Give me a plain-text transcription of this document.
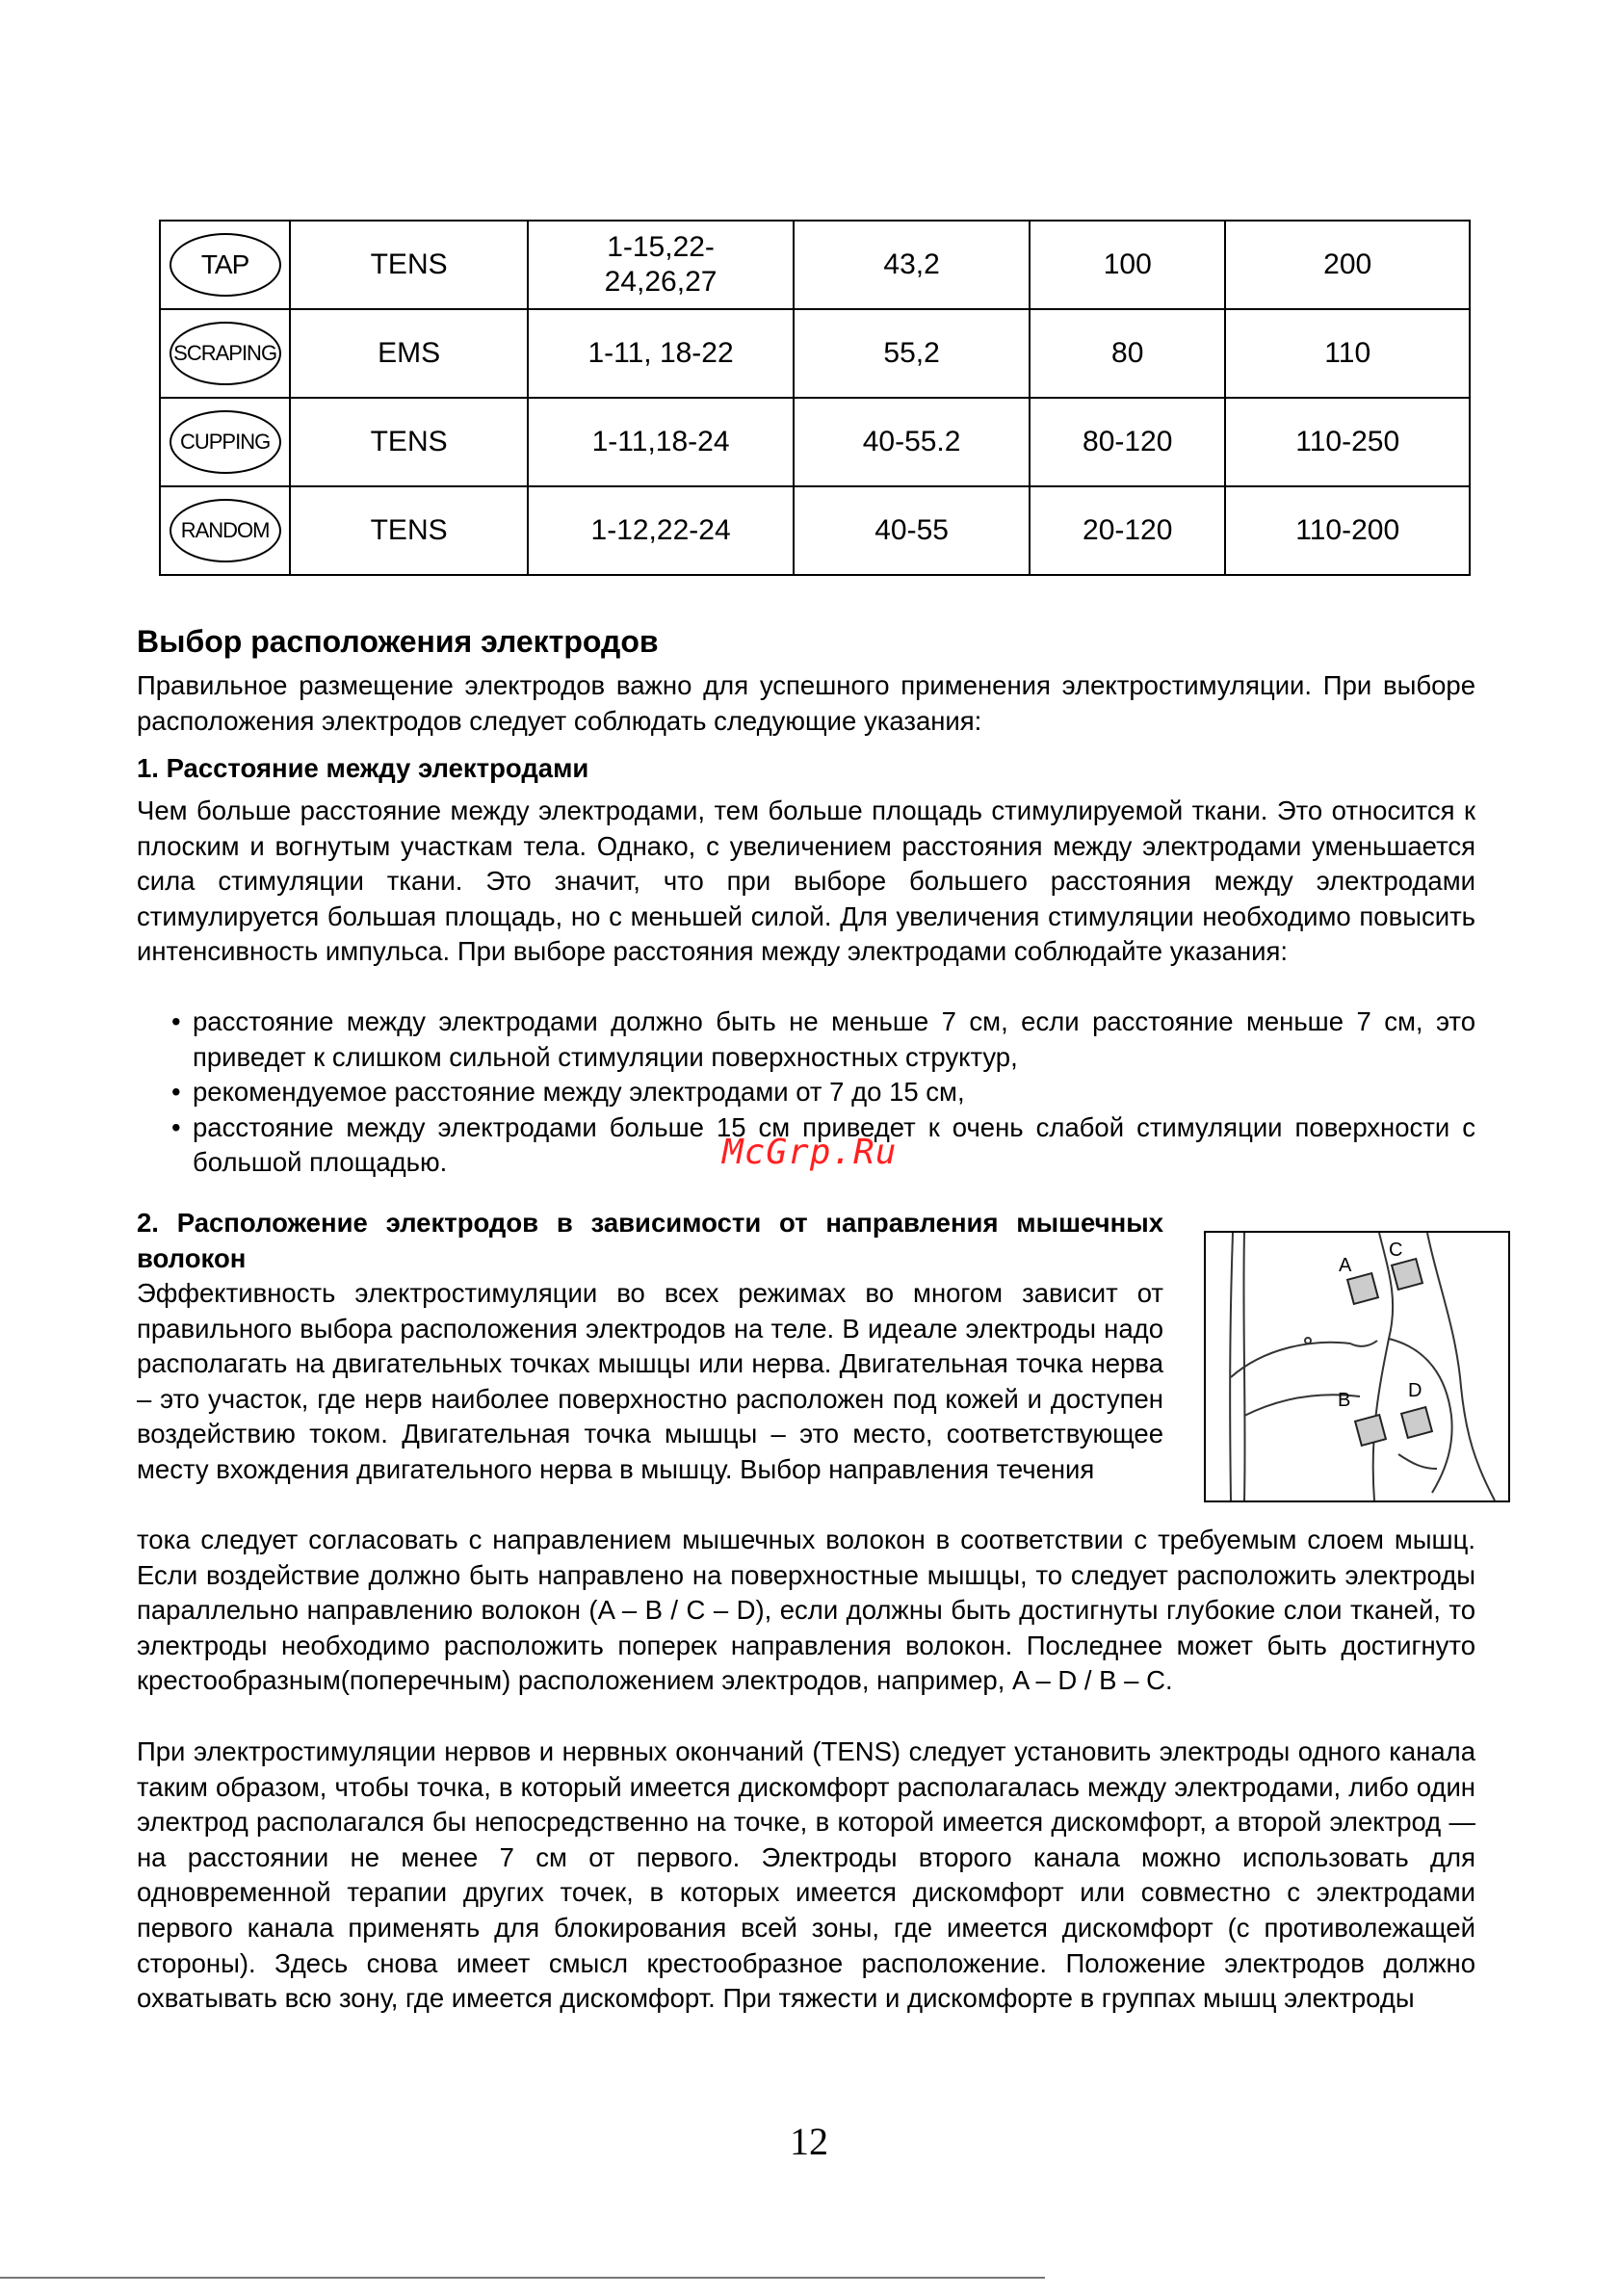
TAP	TENS	1-15,22-
24,26,27	43,2	100	200
SCRAPING	EMS	1-11, 18-22	55,2	80	110
CUPPING	TENS	1-11,18-24	40-55.2	80-120	110-250
RANDOM	TENS	1-12,22-24	40-55	20-120	110-200
Выбор расположения электродов
Правильное размещение электродов важно для успешного применения электростимуляции. При выборе расположения электродов следует соблюдать следующие указания:
1. Расстояние между электродами
Чем больше расстояние между электродами, тем больше площадь стимулируемой ткани. Это относится к плоским и вогнутым участкам тела. Однако, с увеличением расстояния между электродами уменьшается сила стимуляции ткани. Это значит, что при выборе большего расстояния между электродами стимулируется большая площадь, но с меньшей силой. Для увеличения стимуляции необходимо повысить интенсивность импульса. При выборе расстояния между электродами соблюдайте указания:
• расстояние между электродами должно быть не меньше 7 см, если расстояние меньше 7 см, это приведет к слишком сильной стимуляции поверхностных структур,
• рекомендуемое расстояние между электродами от 7 до 15 см,
• расстояние между электродами больше 15 см приведет к очень слабой стимуляции поверхности с большой площадью.	McGrp.Ru
2. Расположение электродов в зависимости от направления мышечных волокон
Эффективность электростимуляции во всех режимах во многом зависит от правильного выбора расположения электродов на теле. В идеале электроды надо располагать на двигательных точках мышцы или нерва. Двигательная точка нерва – это участок, где нерв наиболее поверхностно расположен под кожей и доступен воздействию током. Двигательная точка мышцы – это место, соответствующее месту вхождения двигательного нерва в мышцу. Выбор направления течения
тока следует согласовать с направлением мышечных волокон в соответствии с требуемым слоем мышц. Если воздействие должно быть направлено на поверхностные мышцы, то следует расположить электроды параллельно направлению волокон (A – B / C – D), если должны быть достигнуты глубокие слои тканей, то электроды необходимо расположить поперек направления волокон. Последнее может быть достигнуто крестообразным(поперечным) расположением электродов, например, A – D / B – C.
При электростимуляции нервов и нервных окончаний (TENS) следует установить электроды одного канала таким образом, чтобы точка, в который имеется дискомфорт располагалась между электродами, либо один электрод располагался бы непосредственно на точке, в которой имеется дискомфорт, а второй электрод — на расстоянии не менее 7 см от первого. Электроды второго канала можно использовать для одновременной терапии других точек, в которых имеется дискомфорт или совместно с электродами первого канала применять для блокирования всей зоны, где имеется дискомфорт (с противолежащей стороны). Здесь снова имеет смысл крестообразное расположение. Положение электродов должно охватывать всю зону, где имеется дискомфорт. При тяжести и дискомфорте в группах мышц электроды
A
C
B	D
12
